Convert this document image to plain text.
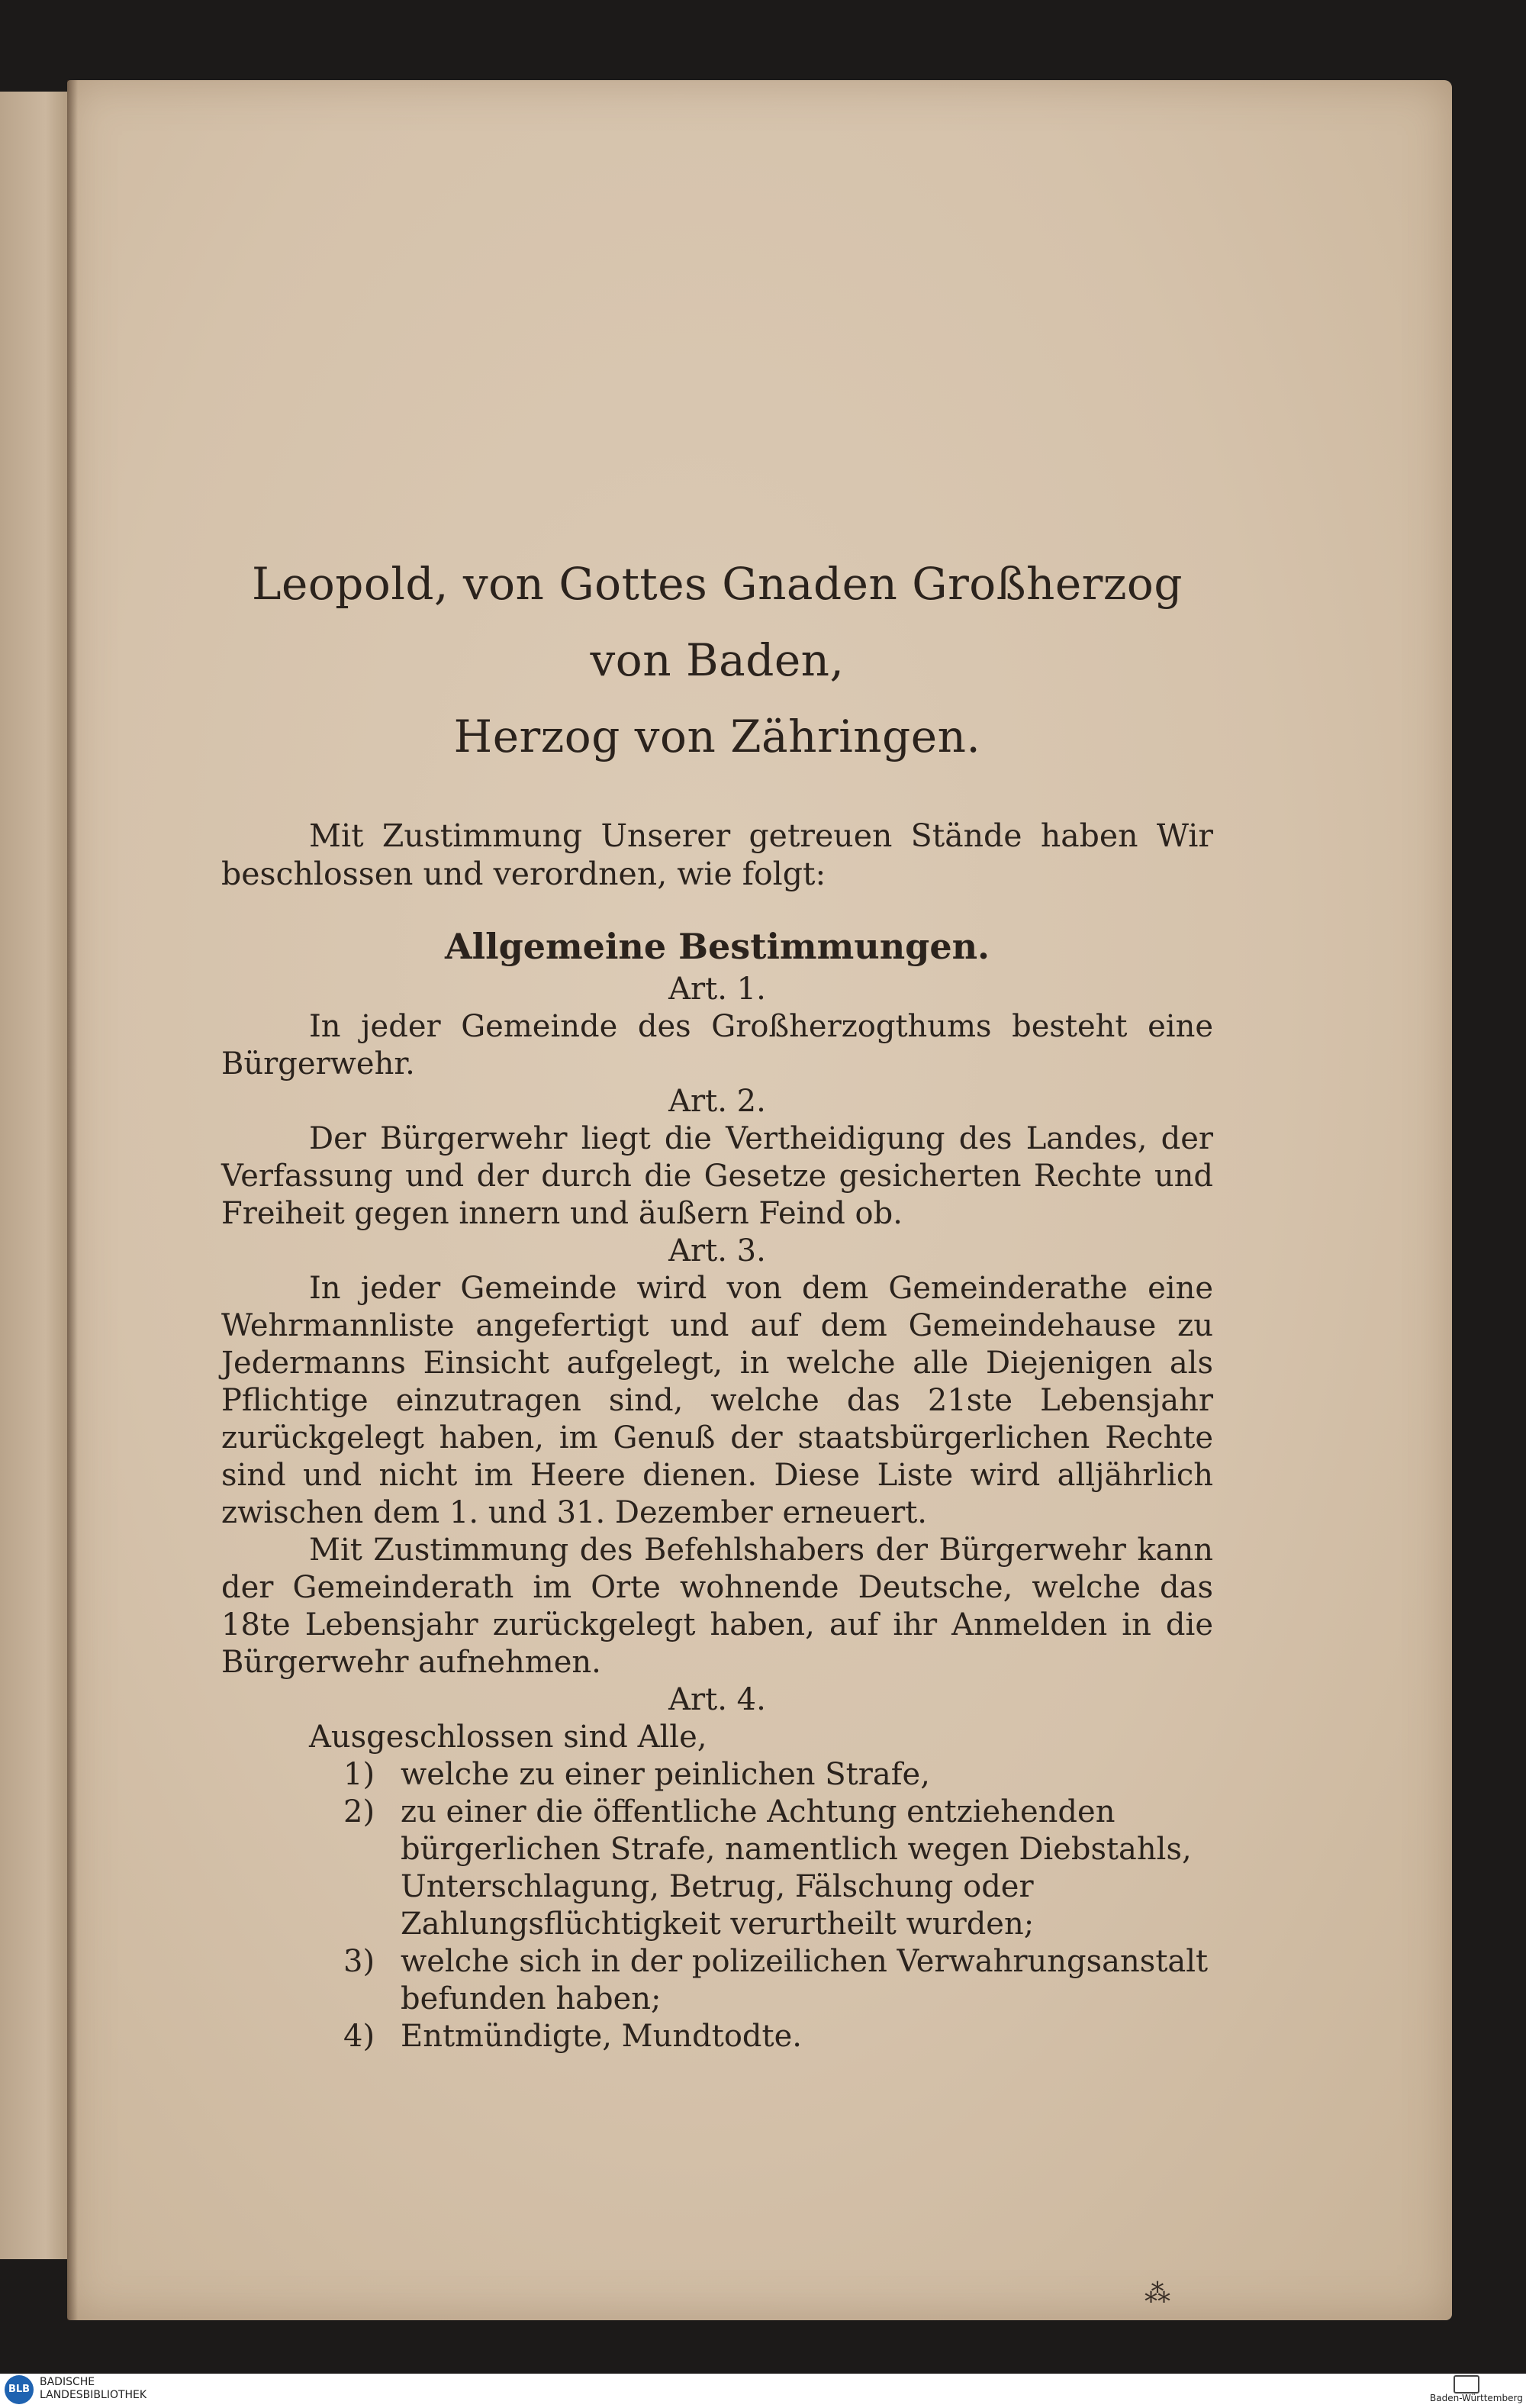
Leopold, von Gottes Gnaden Großherzog von Baden,
Herzog von Zähringen.

Mit Zustimmung Unserer getreuen Stände haben Wir beschlossen und verordnen, wie folgt:

Allgemeine Bestimmungen.

Art. 1.

In jeder Gemeinde des Großherzogthums besteht eine Bürgerwehr.

Art. 2.

Der Bürgerwehr liegt die Vertheidigung des Landes, der Verfassung und der durch die Gesetze gesicherten Rechte und Freiheit gegen innern und äußern Feind ob.

Art. 3.

In jeder Gemeinde wird von dem Gemeinderathe eine Wehrmannliste angefertigt und auf dem Gemeindehause zu Jedermanns Einsicht aufgelegt, in welche alle Diejenigen als Pflichtige einzutragen sind, welche das 21ste Lebensjahr zurückgelegt haben, im Genuß der staatsbürgerlichen Rechte sind und nicht im Heere dienen. Diese Liste wird alljährlich zwischen dem 1. und 31. Dezember erneuert.

Mit Zustimmung des Befehlshabers der Bürgerwehr kann der Gemeinderath im Orte wohnende Deutsche, welche das 18te Lebensjahr zurückgelegt haben, auf ihr Anmelden in die Bürgerwehr aufnehmen.

Art. 4.

Ausgeschlossen sind Alle,

1) welche zu einer peinlichen Strafe,

2) zu einer die öffentliche Achtung entziehenden bürgerlichen Strafe, namentlich wegen Diebstahls, Unterschlagung, Betrug, Fälschung oder Zahlungsflüchtigkeit verurtheilt wurden;

3) welche sich in der polizeilichen Verwahrungsanstalt befunden haben;

4) Entmündigte, Mundtodte.

⁂
BLB
BADISCHE
LANDESBIBLIOTHEK	Baden-Württemberg
